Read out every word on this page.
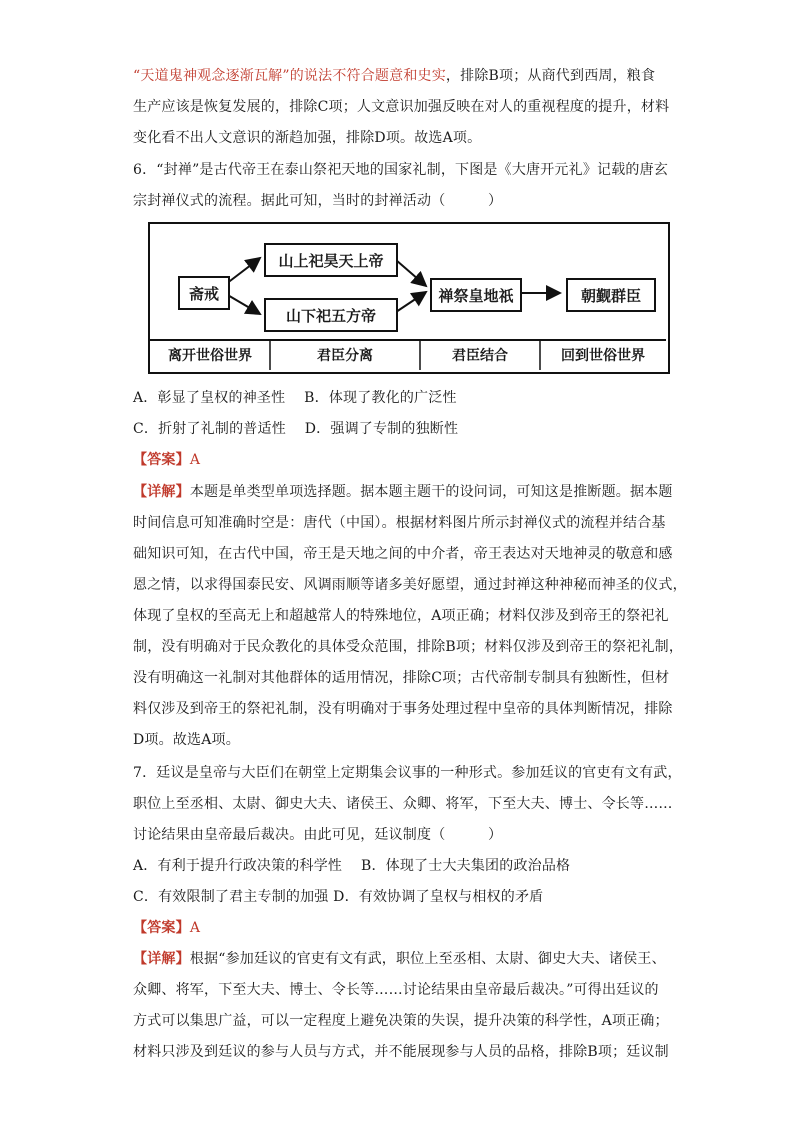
“天道鬼神观念逐渐瓦解”的说法不符合题意和史实，排除B项；从商代到西周，粮食

生产应该是恢复发展的，排除C项；人文意识加强反映在对人的重视程度的提升，材料

变化看不出人文意识的渐趋加强，排除D项。故选A项。

6．“封禅”是古代帝王在泰山祭祀天地的国家礼制，下图是《大唐开元礼》记载的唐玄

宗封禅仪式的流程。据此可知，当时的封禅活动（　　　）

斋戒
山上祀昊天上帝
山下祀五方帝
禅祭皇地祇	朝觐群臣
离开世俗世界	君臣分离	君臣结合	回到世俗世界

A．彰显了皇权的神圣性　 B．体现了教化的广泛性

C．折射了礼制的普适性　 D．强调了专制的独断性

【答案】A

【详解】本题是单类型单项选择题。据本题主题干的设问词，可知这是推断题。据本题

时间信息可知准确时空是：唐代（中国）。根据材料图片所示封禅仪式的流程并结合基

础知识可知，在古代中国，帝王是天地之间的中介者，帝王表达对天地神灵的敬意和感

恩之情，以求得国泰民安、风调雨顺等诸多美好愿望，通过封禅这种神秘而神圣的仪式，

体现了皇权的至高无上和超越常人的特殊地位，A项正确；材料仅涉及到帝王的祭祀礼

制，没有明确对于民众教化的具体受众范围，排除B项；材料仅涉及到帝王的祭祀礼制，

没有明确这一礼制对其他群体的适用情况，排除C项；古代帝制专制具有独断性，但材

料仅涉及到帝王的祭祀礼制，没有明确对于事务处理过程中皇帝的具体判断情况，排除

D项。故选A项。

7．廷议是皇帝与大臣们在朝堂上定期集会议事的一种形式。参加廷议的官吏有文有武，

职位上至丞相、太尉、御史大夫、诸侯王、众卿、将军，下至大夫、博士、令长等……

讨论结果由皇帝最后裁决。由此可见，廷议制度（　　　）

A．有利于提升行政决策的科学性　 B．体现了士大夫集团的政治品格

C．有效限制了君主专制的加强 D．有效协调了皇权与相权的矛盾

【答案】A

【详解】根据“参加廷议的官吏有文有武，职位上至丞相、太尉、御史大夫、诸侯王、

众卿、将军，下至大夫、博士、令长等……讨论结果由皇帝最后裁决。”可得出廷议的

方式可以集思广益，可以一定程度上避免决策的失误，提升决策的科学性，A项正确；

材料只涉及到廷议的参与人员与方式，并不能展现参与人员的品格，排除B项；廷议制
